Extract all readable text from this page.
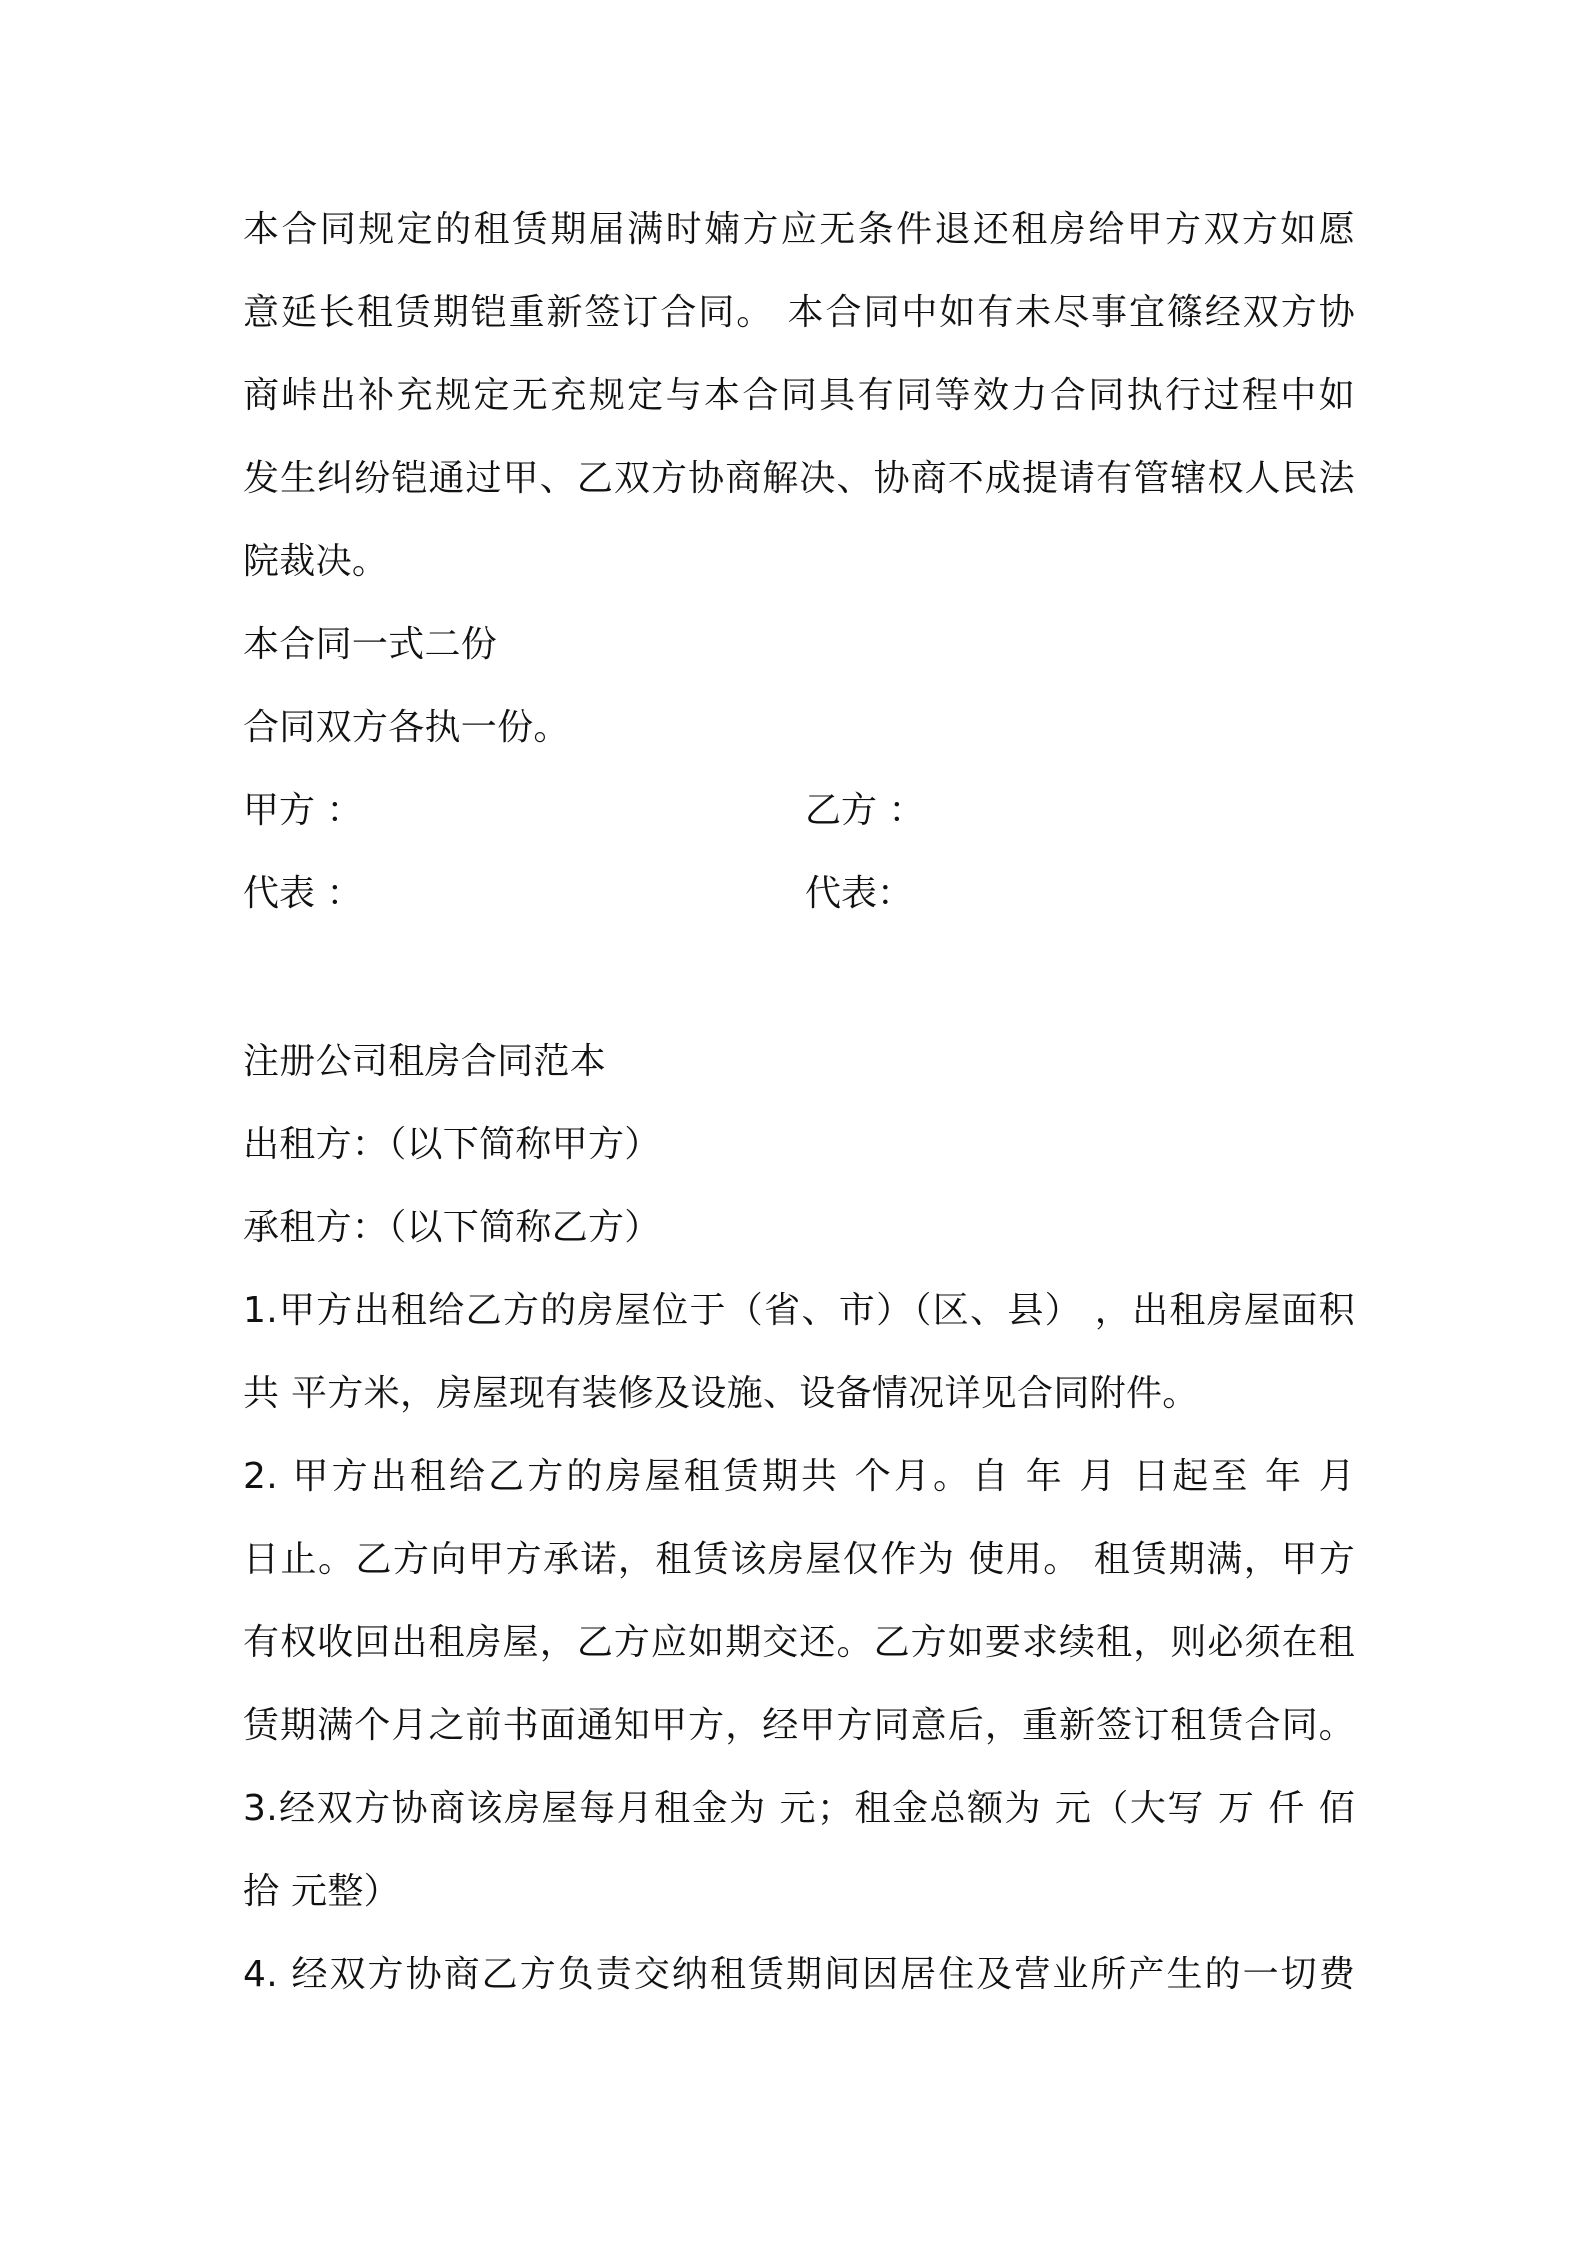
本合同规定的租赁期届满时婻方应无条件退还租房给甲方双方如愿
意延长租赁期铠重新签订合同。 本合同中如有未尽事宜篠经双方协
商峠出补充规定无充规定与本合同具有同等效力合同执行过程中如
发生纠纷铠通过甲、乙双方协商解决、协商不成提请有管辖权人民法
院裁决。
本合同一式二份
合同双方各执一份。
甲方 ：	乙方 ：
代表 ：	代表：
注册公司租房合同范本
出租方：（以下简称甲方）
承租方：（以下简称乙方）
1.甲方出租给乙方的房屋位于（省、市）（区、县） ，出租房屋面积
共 平方米，房屋现有装修及设施、设备情况详见合同附件。
2. 甲方出租给乙方的房屋租赁期共 个月。自 年 月 日起至 年 月
日止。乙方向甲方承诺，租赁该房屋仅作为 使用。 租赁期满，甲方
有权收回出租房屋，乙方应如期交还。乙方如要求续租，则必须在租
赁期满个月之前书面通知甲方，经甲方同意后，重新签订租赁合同。
3.经双方协商该房屋每月租金为 元；租金总额为 元（大写 万 仟 佰
拾 元整）
4. 经双方协商乙方负责交纳租赁期间因居住及营业所产生的一切费
